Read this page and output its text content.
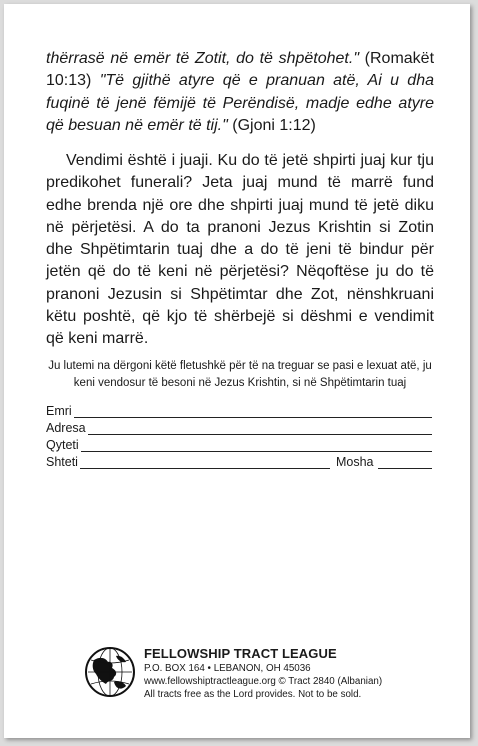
thërrasë në emër të Zotit, do të shpëtohet." (Romakët 10:13) "Të gjithë atyre që e pranuan atë, Ai u dha fuqinë të jenë fëmijë të Perëndisë, madje edhe atyre që besuan në emër të tij." (Gjoni 1:12)
Vendimi është i juaji. Ku do të jetë shpirti juaj kur tju predikohet funerali? Jeta juaj mund të marrë fund edhe brenda një ore dhe shpirti juaj mund të jetë diku në përjetësi. A do ta pranoni Jezus Krishtin si Zotin dhe Shpëtimtarin tuaj dhe a do të jeni të bindur për jetën që do të keni në përjetësi? Nëqoftëse ju do të pranoni Jezusin si Shpëtimtar dhe Zot, nënshkruani këtu poshtë, që kjo të shërbejë si dëshmi e vendimit që keni marrë.
Ju lutemi na dërgoni këtë fletushkë për të na treguar se pasi e lexuat atë, ju
keni vendosur të besoni në Jezus Krishtin, si në Shpëtimtarin tuaj
Emri
Adresa
Qyteti
Shteti	Mosha
FELLOWSHIP TRACT LEAGUE
P.O. BOX 164 • LEBANON, OH 45036
www.fellowshiptractleague.org © Tract 2840 (Albanian)
All tracts free as the Lord provides. Not to be sold.
